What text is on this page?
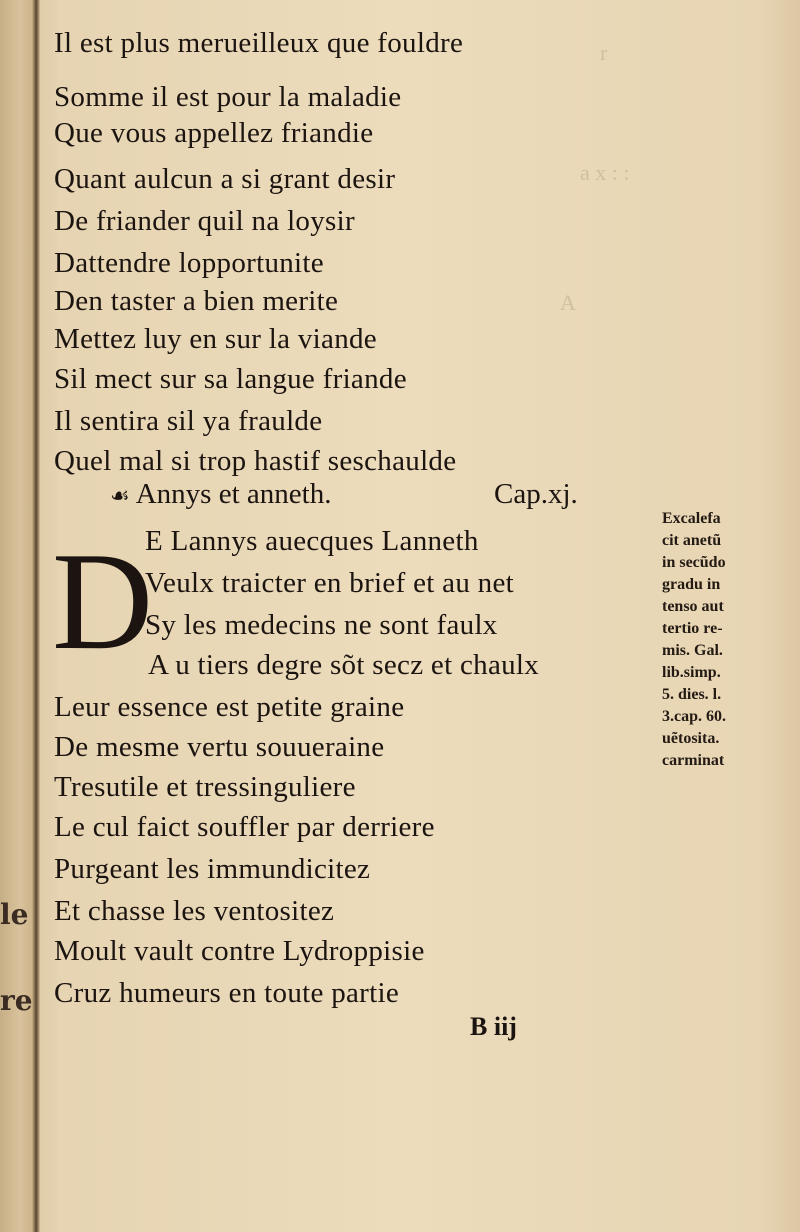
r
a x : :
A
le
re
Il est plus merueilleux que fouldre
Somme il est pour la maladie
Que vous appellez friandie
Quant aulcun a si grant desir
De friander quil na loysir
Dattendre lopportunite
Den taster a bien merite
Mettez luy en sur la viande
Sil mect sur sa langue friande
Il sentira sil ya fraulde
Quel mal si trop hastif seschaulde
☙ Annys et anneth.	Cap.xj.
D
E Lannys auecques Lanneth
Veulx traicter en brief et au net
Sy les medecins ne sont faulx
A u tiers degre sõt secz et chaulx
Leur essence est petite graine
De mesme vertu souueraine
Tresutile et tressinguliere
Le cul faict souffler par derriere
Purgeant les immundicitez
Et chasse les ventositez
Moult vault contre Lydroppisie
Cruz humeurs en toute partie
Excalefa
cit anetũ
in secũdo
gradu in
tenso aut
tertio re-
mis. Gal.
lib.simp.
5. dies. l.
3.cap. 60.
uẽtosita.
carminat
B iij
